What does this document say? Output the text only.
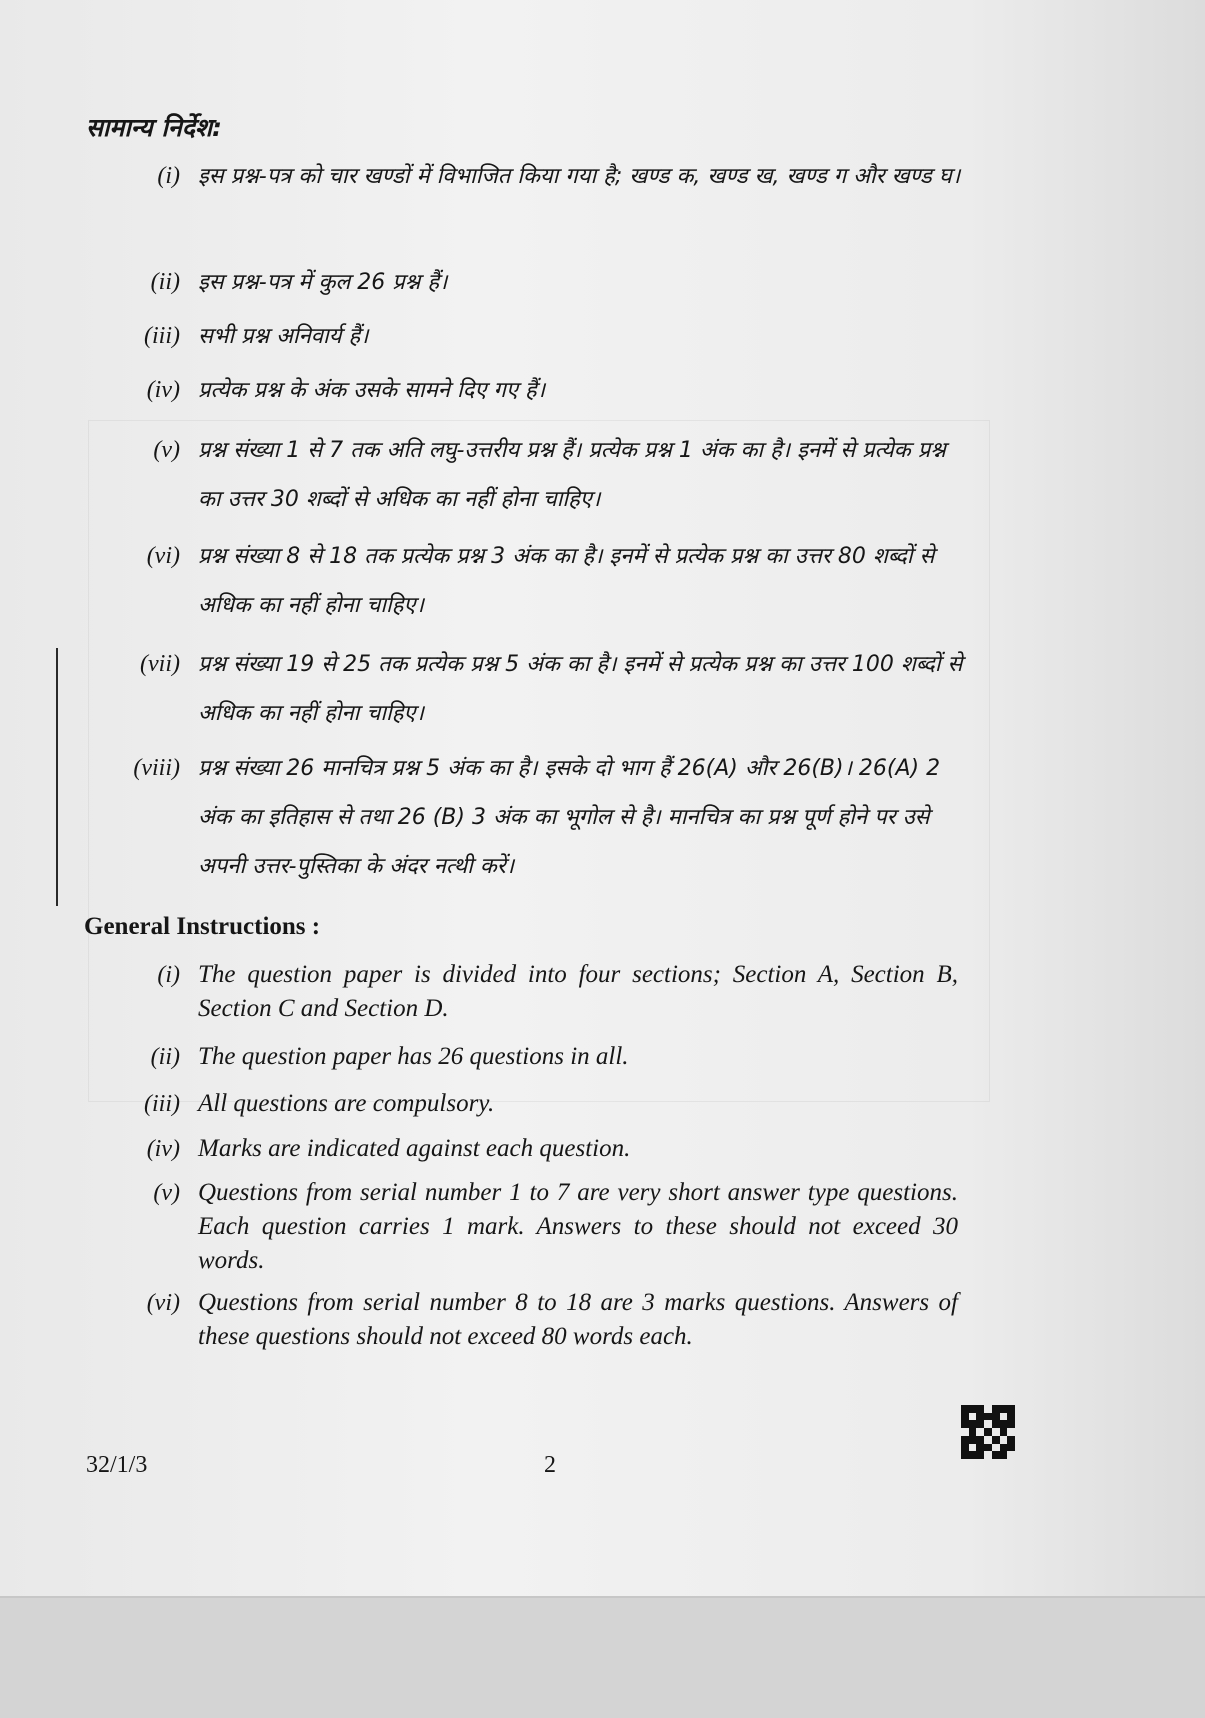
सामान्य निर्देश:
(i) इस प्रश्न-पत्र को चार खण्डों में विभाजित किया गया है; खण्ड क, खण्ड ख, खण्ड ग और खण्ड घ।
(ii) इस प्रश्न-पत्र में कुल 26 प्रश्न हैं।
(iii) सभी प्रश्न अनिवार्य हैं।
(iv) प्रत्येक प्रश्न के अंक उसके सामने दिए गए हैं।
(v) प्रश्न संख्या 1 से 7 तक अति लघु-उत्तरीय प्रश्न हैं। प्रत्येक प्रश्न 1 अंक का है। इनमें से प्रत्येक प्रश्न का उत्तर 30 शब्दों से अधिक का नहीं होना चाहिए।
(vi) प्रश्न संख्या 8 से 18 तक प्रत्येक प्रश्न 3 अंक का है। इनमें से प्रत्येक प्रश्न का उत्तर 80 शब्दों से अधिक का नहीं होना चाहिए।
(vii) प्रश्न संख्या 19 से 25 तक प्रत्येक प्रश्न 5 अंक का है। इनमें से प्रत्येक प्रश्न का उत्तर 100 शब्दों से अधिक का नहीं होना चाहिए।
(viii) प्रश्न संख्या 26 मानचित्र प्रश्न 5 अंक का है। इसके दो भाग हैं 26(A) और 26(B)। 26(A) 2 अंक का इतिहास से तथा 26 (B) 3 अंक का भूगोल से है। मानचित्र का प्रश्न पूर्ण होने पर उसे अपनी उत्तर-पुस्तिका के अंदर नत्थी करें।
General Instructions :
(i) The question paper is divided into four sections; Section A, Section B, Section C and Section D.
(ii) The question paper has 26 questions in all.
(iii) All questions are compulsory.
(iv) Marks are indicated against each question.
(v) Questions from serial number 1 to 7 are very short answer type questions. Each question carries 1 mark. Answers to these should not exceed 30 words.
(vi) Questions from serial number 8 to 18 are 3 marks questions. Answers of these questions should not exceed 80 words each.
32/1/3	2
